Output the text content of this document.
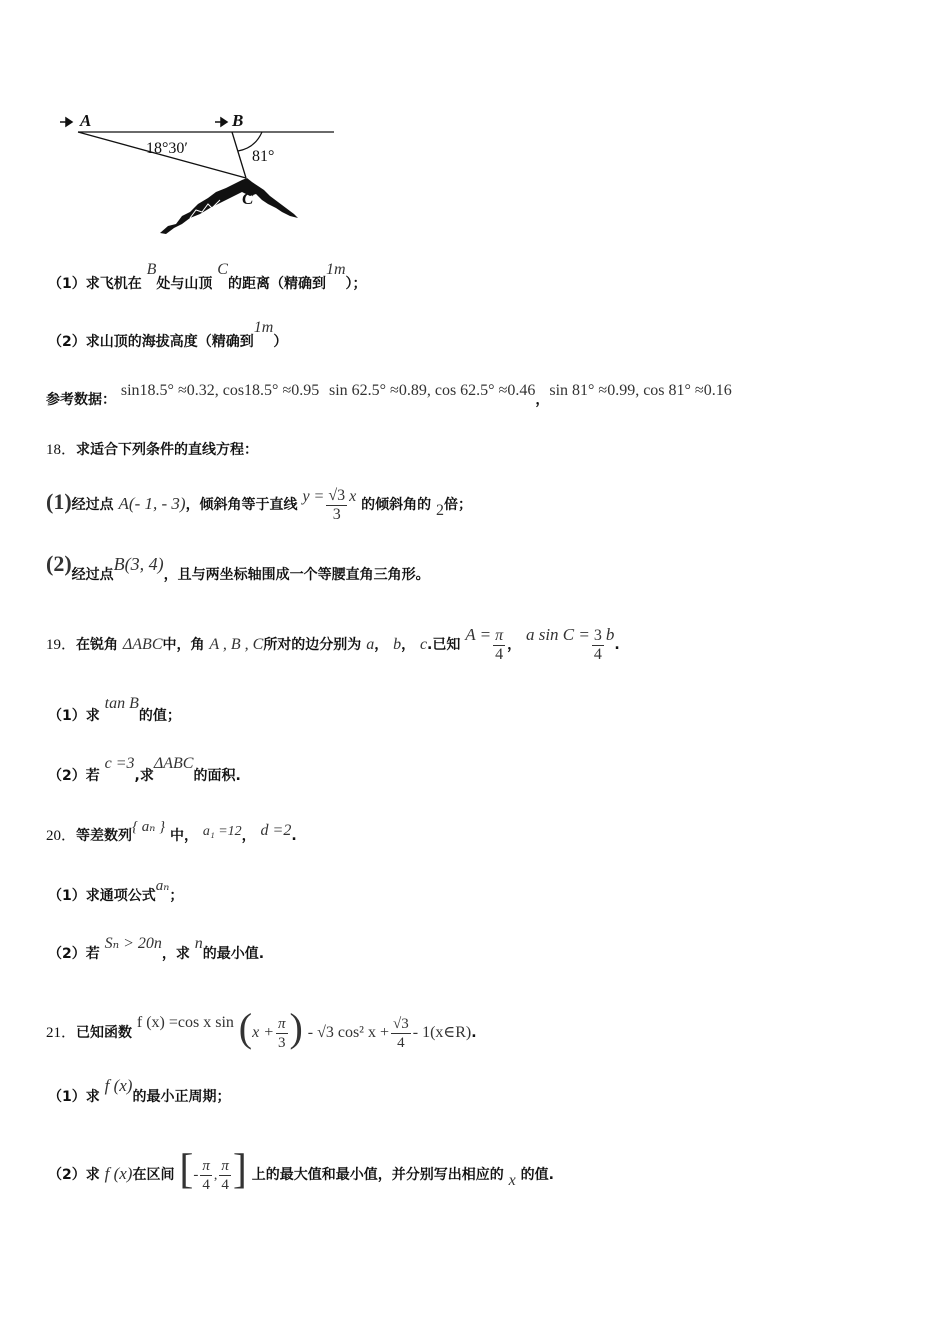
A	B
18°30′	81°
C
（1）求飞机在 B处与山顶 C的距离（精确到1m）；
（2）求山顶的海拔高度（精确到1m）
参考数据： sin18.5° ≈0.32, cos18.5° ≈0.95 sin 62.5° ≈0.89, cos 62.5° ≈0.46，sin 81° ≈0.99, cos 81° ≈0.16
18．求适合下列条件的直线方程：
(1)经过点 A(- 1, - 3)，倾斜角等于直线 $y = \frac{√3}{3}$ x 的倾斜角的 2倍；
(2)经过点B(3, 4)，且与两坐标轴围成一个等腰直角三角形。
19．在锐角 ΔABC中，角 A , B , C所对的边分别为 a， b， c.已知 $A = \frac{\pi}{4}$ ， a $\sin C = \frac{3}{4} b$.
（1）求 tan B的值；
（2）若 c =3,求ΔABC的面积.
20．等差数列{ aₙ } 中， a₁ =12， d =2.
（1）求通项公式aₙ；
（2）若 Sₙ > 20n，求 n的最小值.
21．已知函数 f (x) =cos x $\sin (x + \frac{\pi}{3}$ ) - √3 cos² $x + \frac{√3}{4}$ - 1(x∈R).
（1）求 f (x)的最小正周期；
（2）求 f (x)在区间 [- $\frac{\pi}{4}$ , $\frac{\pi}{4}$ ] 上的最大值和最小值，并分别写出相应的 x 的值.
